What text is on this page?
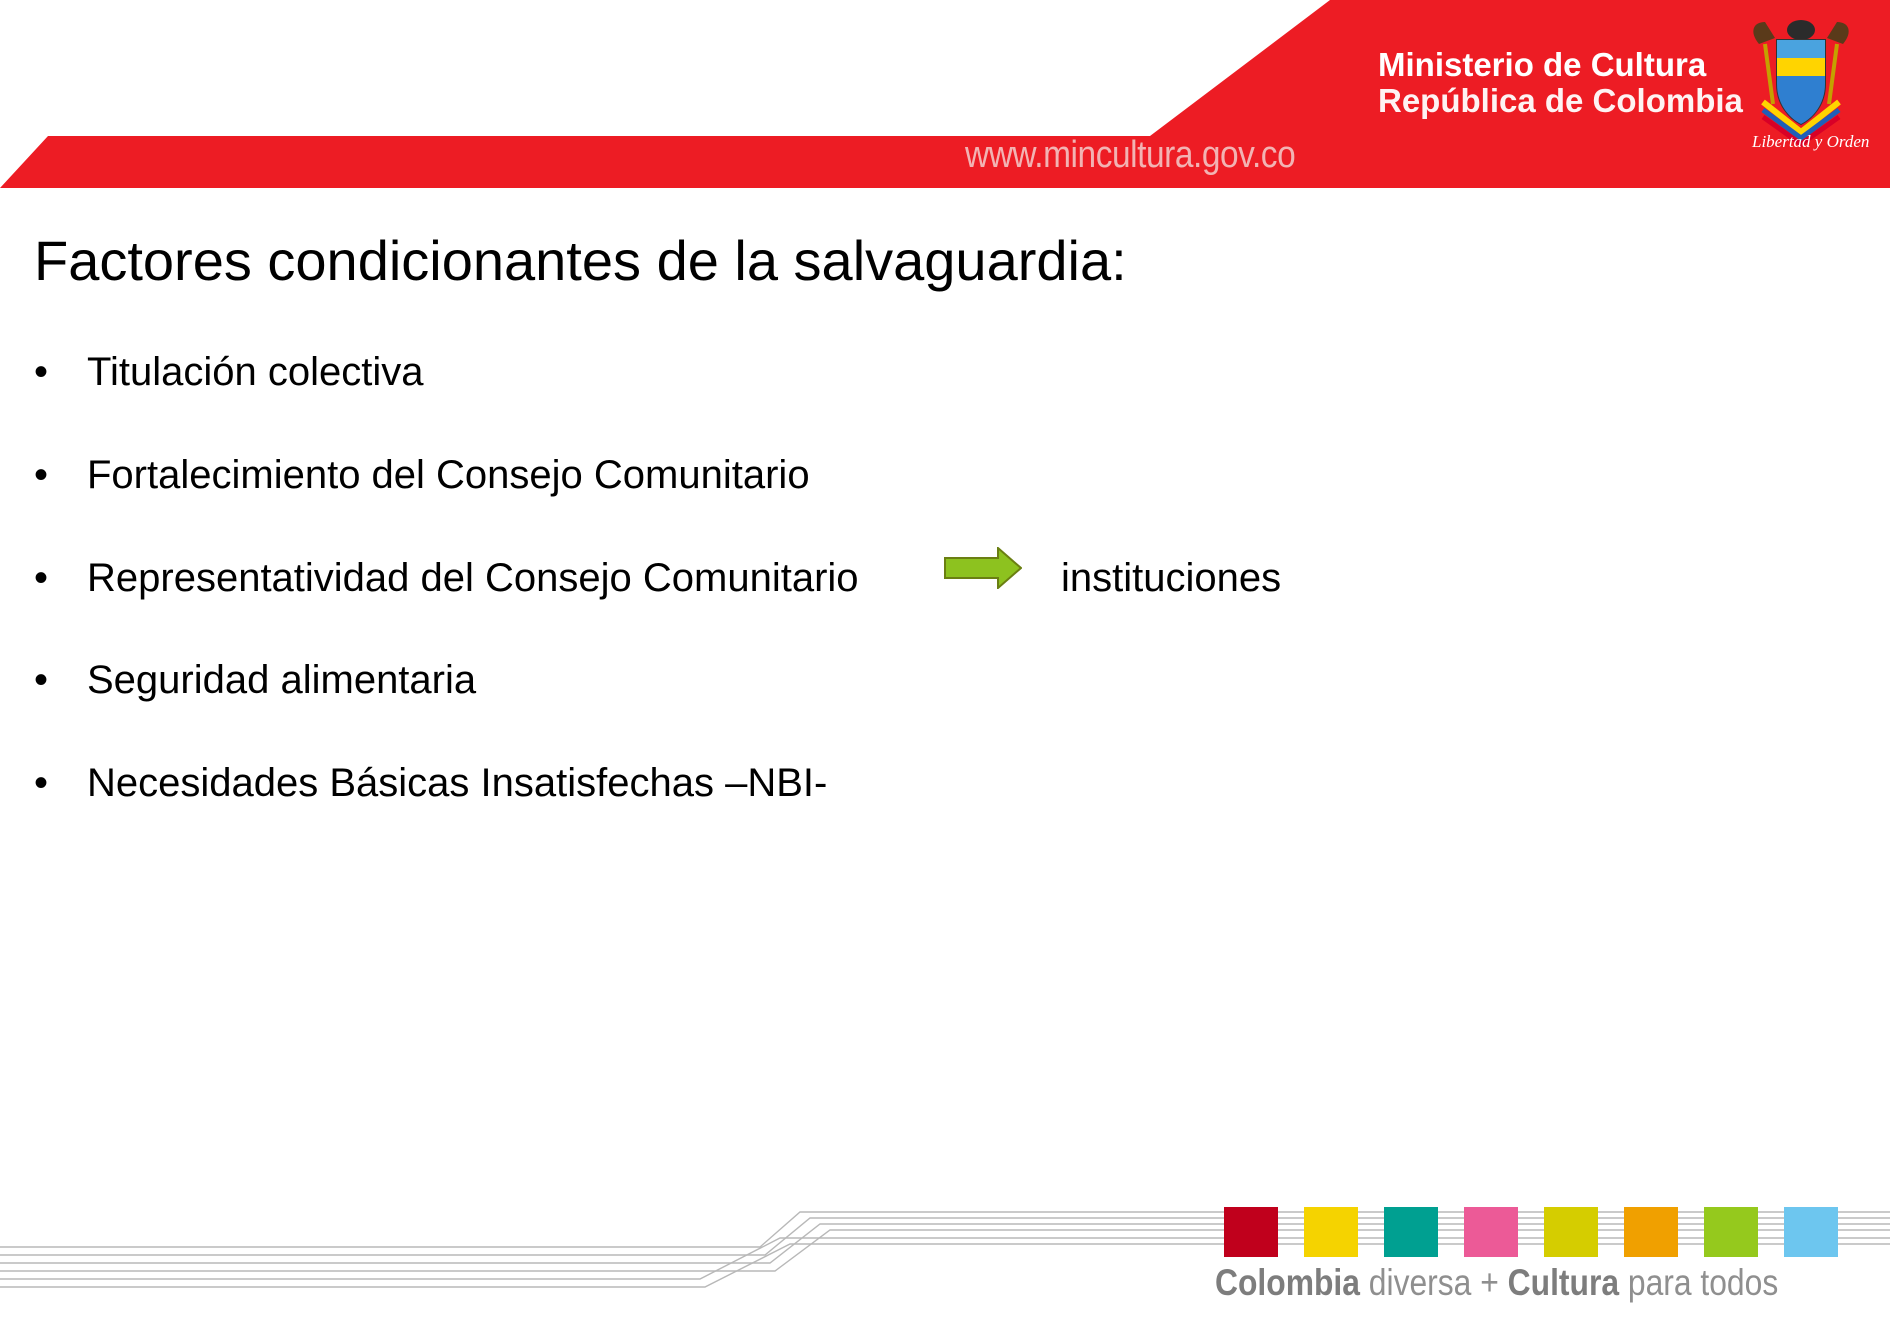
www.mincultura.gov.co
Ministerio de Cultura
República de Colombia
Libertad y Orden
Factores condicionantes de la salvaguardia:
• Titulación colectiva
• Fortalecimiento del Consejo Comunitario
• Representatividad del Consejo Comunitario
• Seguridad alimentaria
• Necesidades Básicas Insatisfechas –NBI-
instituciones
Colombia diversa + Cultura para todos
